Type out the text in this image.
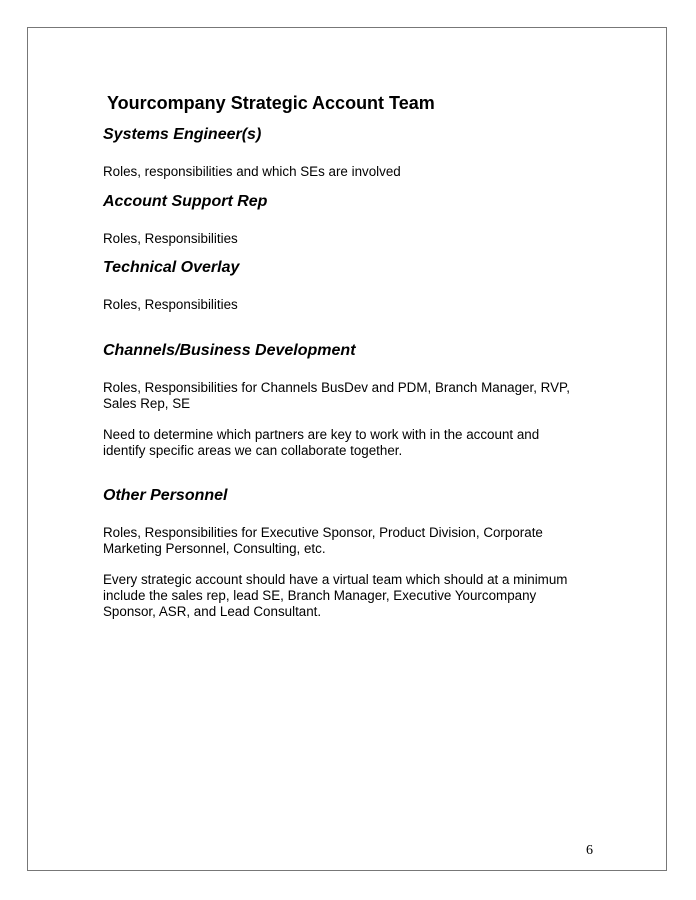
Yourcompany Strategic Account Team
Systems Engineer(s)

Roles, responsibilities and which SEs are involved

Account Support Rep

Roles, Responsibilities

Technical Overlay

Roles, Responsibilities

Channels/Business Development

Roles, Responsibilities for Channels BusDev and PDM, Branch Manager, RVP,

Sales Rep, SE

Need to determine which partners are key to work with in the account and

identify specific areas we can collaborate together.

Other Personnel

Roles, Responsibilities for Executive Sponsor, Product Division, Corporate

Marketing Personnel, Consulting, etc.

Every strategic account should have a virtual team which should at a minimum

include the sales rep, lead SE, Branch Manager, Executive Yourcompany

Sponsor, ASR, and Lead Consultant.

6
